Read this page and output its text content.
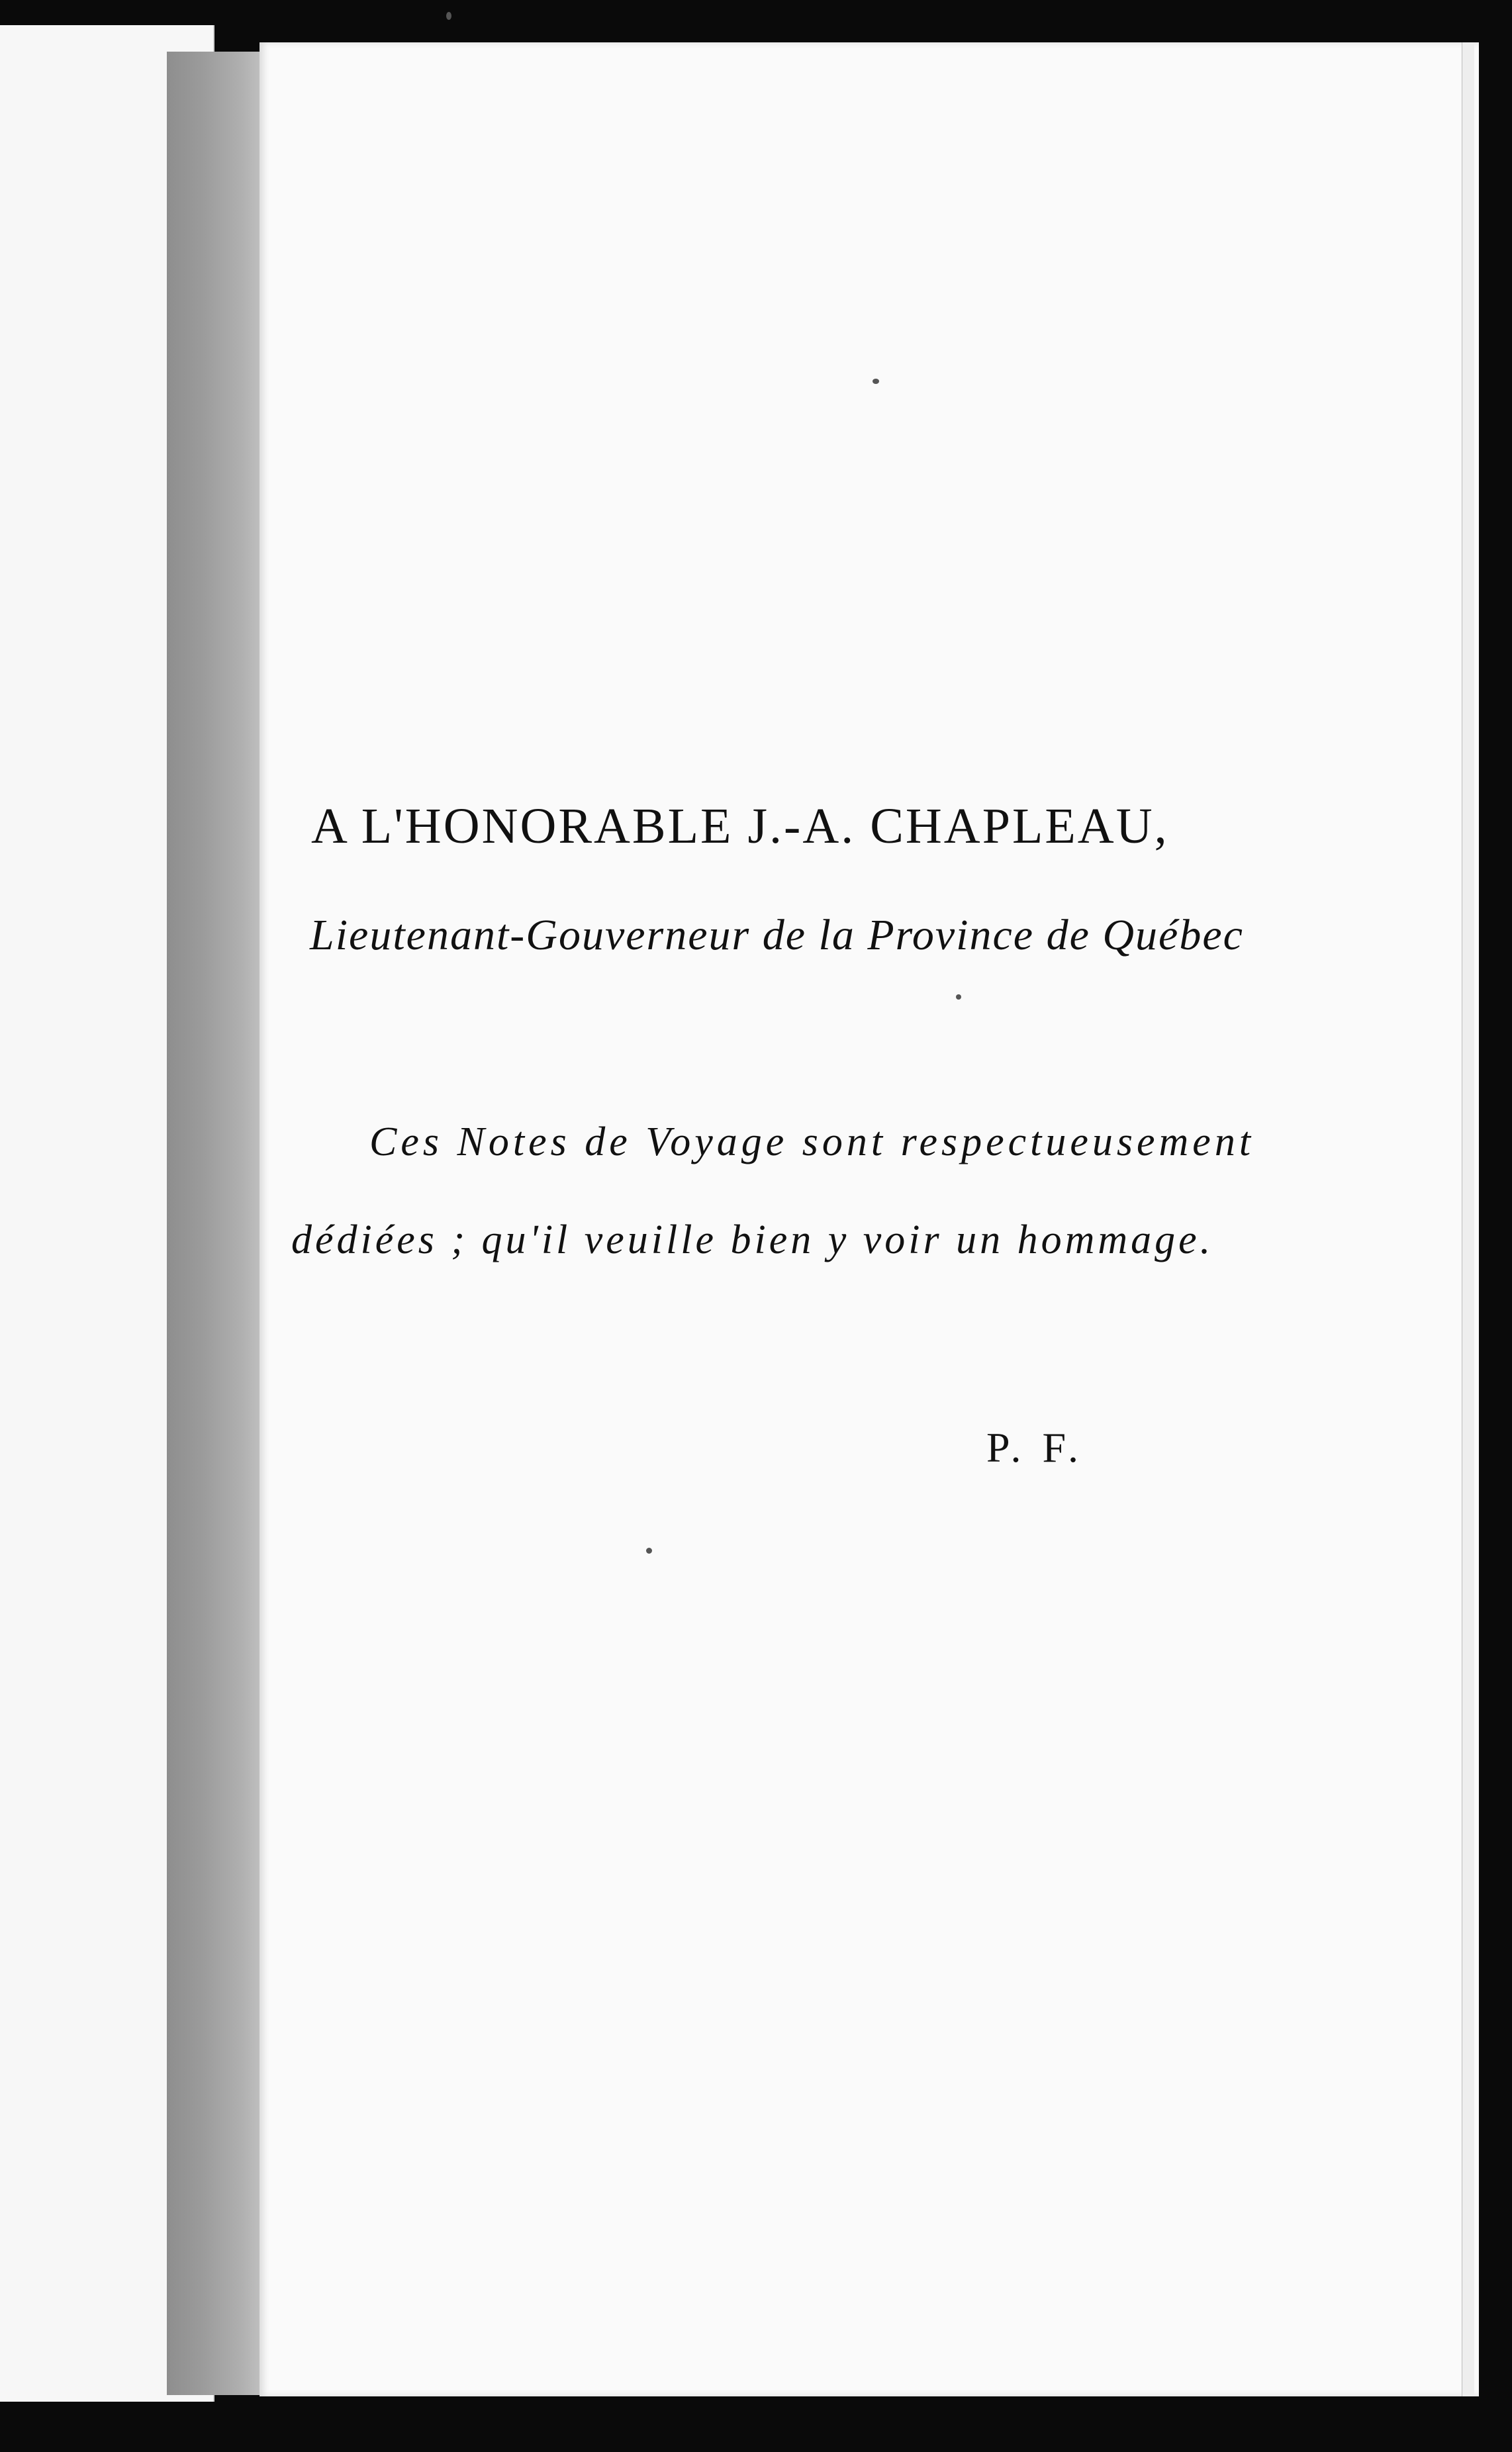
A L'HONORABLE J.-A. CHAPLEAU,
Lieutenant-Gouverneur de la Province de Québec
Ces Notes de Voyage sont respectueusement
dédiées ; qu'il veuille bien y voir un hommage.
P. F.
